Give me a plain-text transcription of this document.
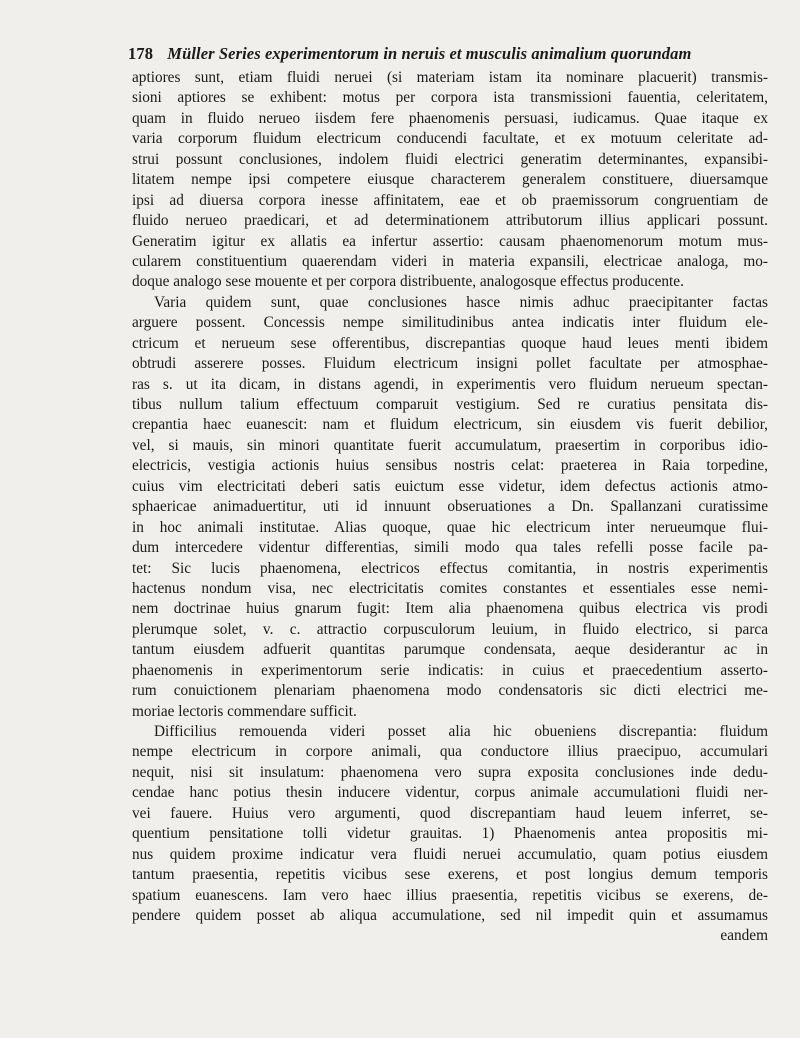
178 Müller Series experimentorum in neruis et musculis animalium quorundam
aptiores sunt, etiam fluidi neruei (si materiam istam ita nominare placuerit) transmis-
sioni aptiores se exhibent: motus per corpora ista transmissioni fauentia, celeritatem,
quam in fluido nerueo iisdem fere phaenomenis persuasi, iudicamus. Quae itaque ex
varia corporum fluidum electricum conducendi facultate, et ex motuum celeritate ad-
strui possunt conclusiones, indolem fluidi electrici generatim determinantes, expansibi-
litatem nempe ipsi competere eiusque characterem generalem constituere, diuersamque
ipsi ad diuersa corpora inesse affinitatem, eae et ob praemissorum congruentiam de
fluido nerueo praedicari, et ad determinationem attributorum illius applicari possunt.
Generatim igitur ex allatis ea infertur assertio: causam phaenomenorum motum mus-
cularem constituentium quaerendam videri in materia expansili, electricae analoga, mo-
doque analogo sese mouente et per corpora distribuente, analogosque effectus producente.
Varia quidem sunt, quae conclusiones hasce nimis adhuc praecipitanter factas
arguere possent. Concessis nempe similitudinibus antea indicatis inter fluidum ele-
ctricum et nerueum sese offerentibus, discrepantias quoque haud leues menti ibidem
obtrudi asserere posses. Fluidum electricum insigni pollet facultate per atmosphae-
ras s. ut ita dicam, in distans agendi, in experimentis vero fluidum nerueum spectan-
tibus nullum talium effectuum comparuit vestigium. Sed re curatius pensitata dis-
crepantia haec euanescit: nam et fluidum electricum, sin eiusdem vis fuerit debilior,
vel, si mauis, sin minori quantitate fuerit accumulatum, praesertim in corporibus idio-
electricis, vestigia actionis huius sensibus nostris celat: praeterea in Raia torpedine,
cuius vim electricitati deberi satis euictum esse videtur, idem defectus actionis atmo-
sphaericae animaduertitur, uti id innuunt obseruationes a Dn. Spallanzani curatissime
in hoc animali institutae. Alias quoque, quae hic electricum inter nerueumque flui-
dum intercedere videntur differentias, simili modo qua tales refelli posse facile pa-
tet: Sic lucis phaenomena, electricos effectus comitantia, in nostris experimentis
hactenus nondum visa, nec electricitatis comites constantes et essentiales esse nemi-
nem doctrinae huius gnarum fugit: Item alia phaenomena quibus electrica vis prodi
plerumque solet, v. c. attractio corpusculorum leuium, in fluido electrico, si parca
tantum eiusdem adfuerit quantitas parumque condensata, aeque desiderantur ac in
phaenomenis in experimentorum serie indicatis: in cuius et praecedentium asserto-
rum conuictionem plenariam phaenomena modo condensatoris sic dicti electrici me-
moriae lectoris commendare sufficit.
Difficilius remouenda videri posset alia hic obueniens discrepantia: fluidum
nempe electricum in corpore animali, qua conductore illius praecipuo, accumulari
nequit, nisi sit insulatum: phaenomena vero supra exposita conclusiones inde dedu-
cendae hanc potius thesin inducere videntur, corpus animale accumulationi fluidi ner-
vei fauere. Huius vero argumenti, quod discrepantiam haud leuem inferret, se-
quentium pensitatione tolli videtur grauitas. 1) Phaenomenis antea propositis mi-
nus quidem proxime indicatur vera fluidi neruei accumulatio, quam potius eiusdem
tantum praesentia, repetitis vicibus sese exerens, et post longius demum temporis
spatium euanescens. Iam vero haec illius praesentia, repetitis vicibus se exerens, de-
pendere quidem posset ab aliqua accumulatione, sed nil impedit quin et assumamus
eandem
